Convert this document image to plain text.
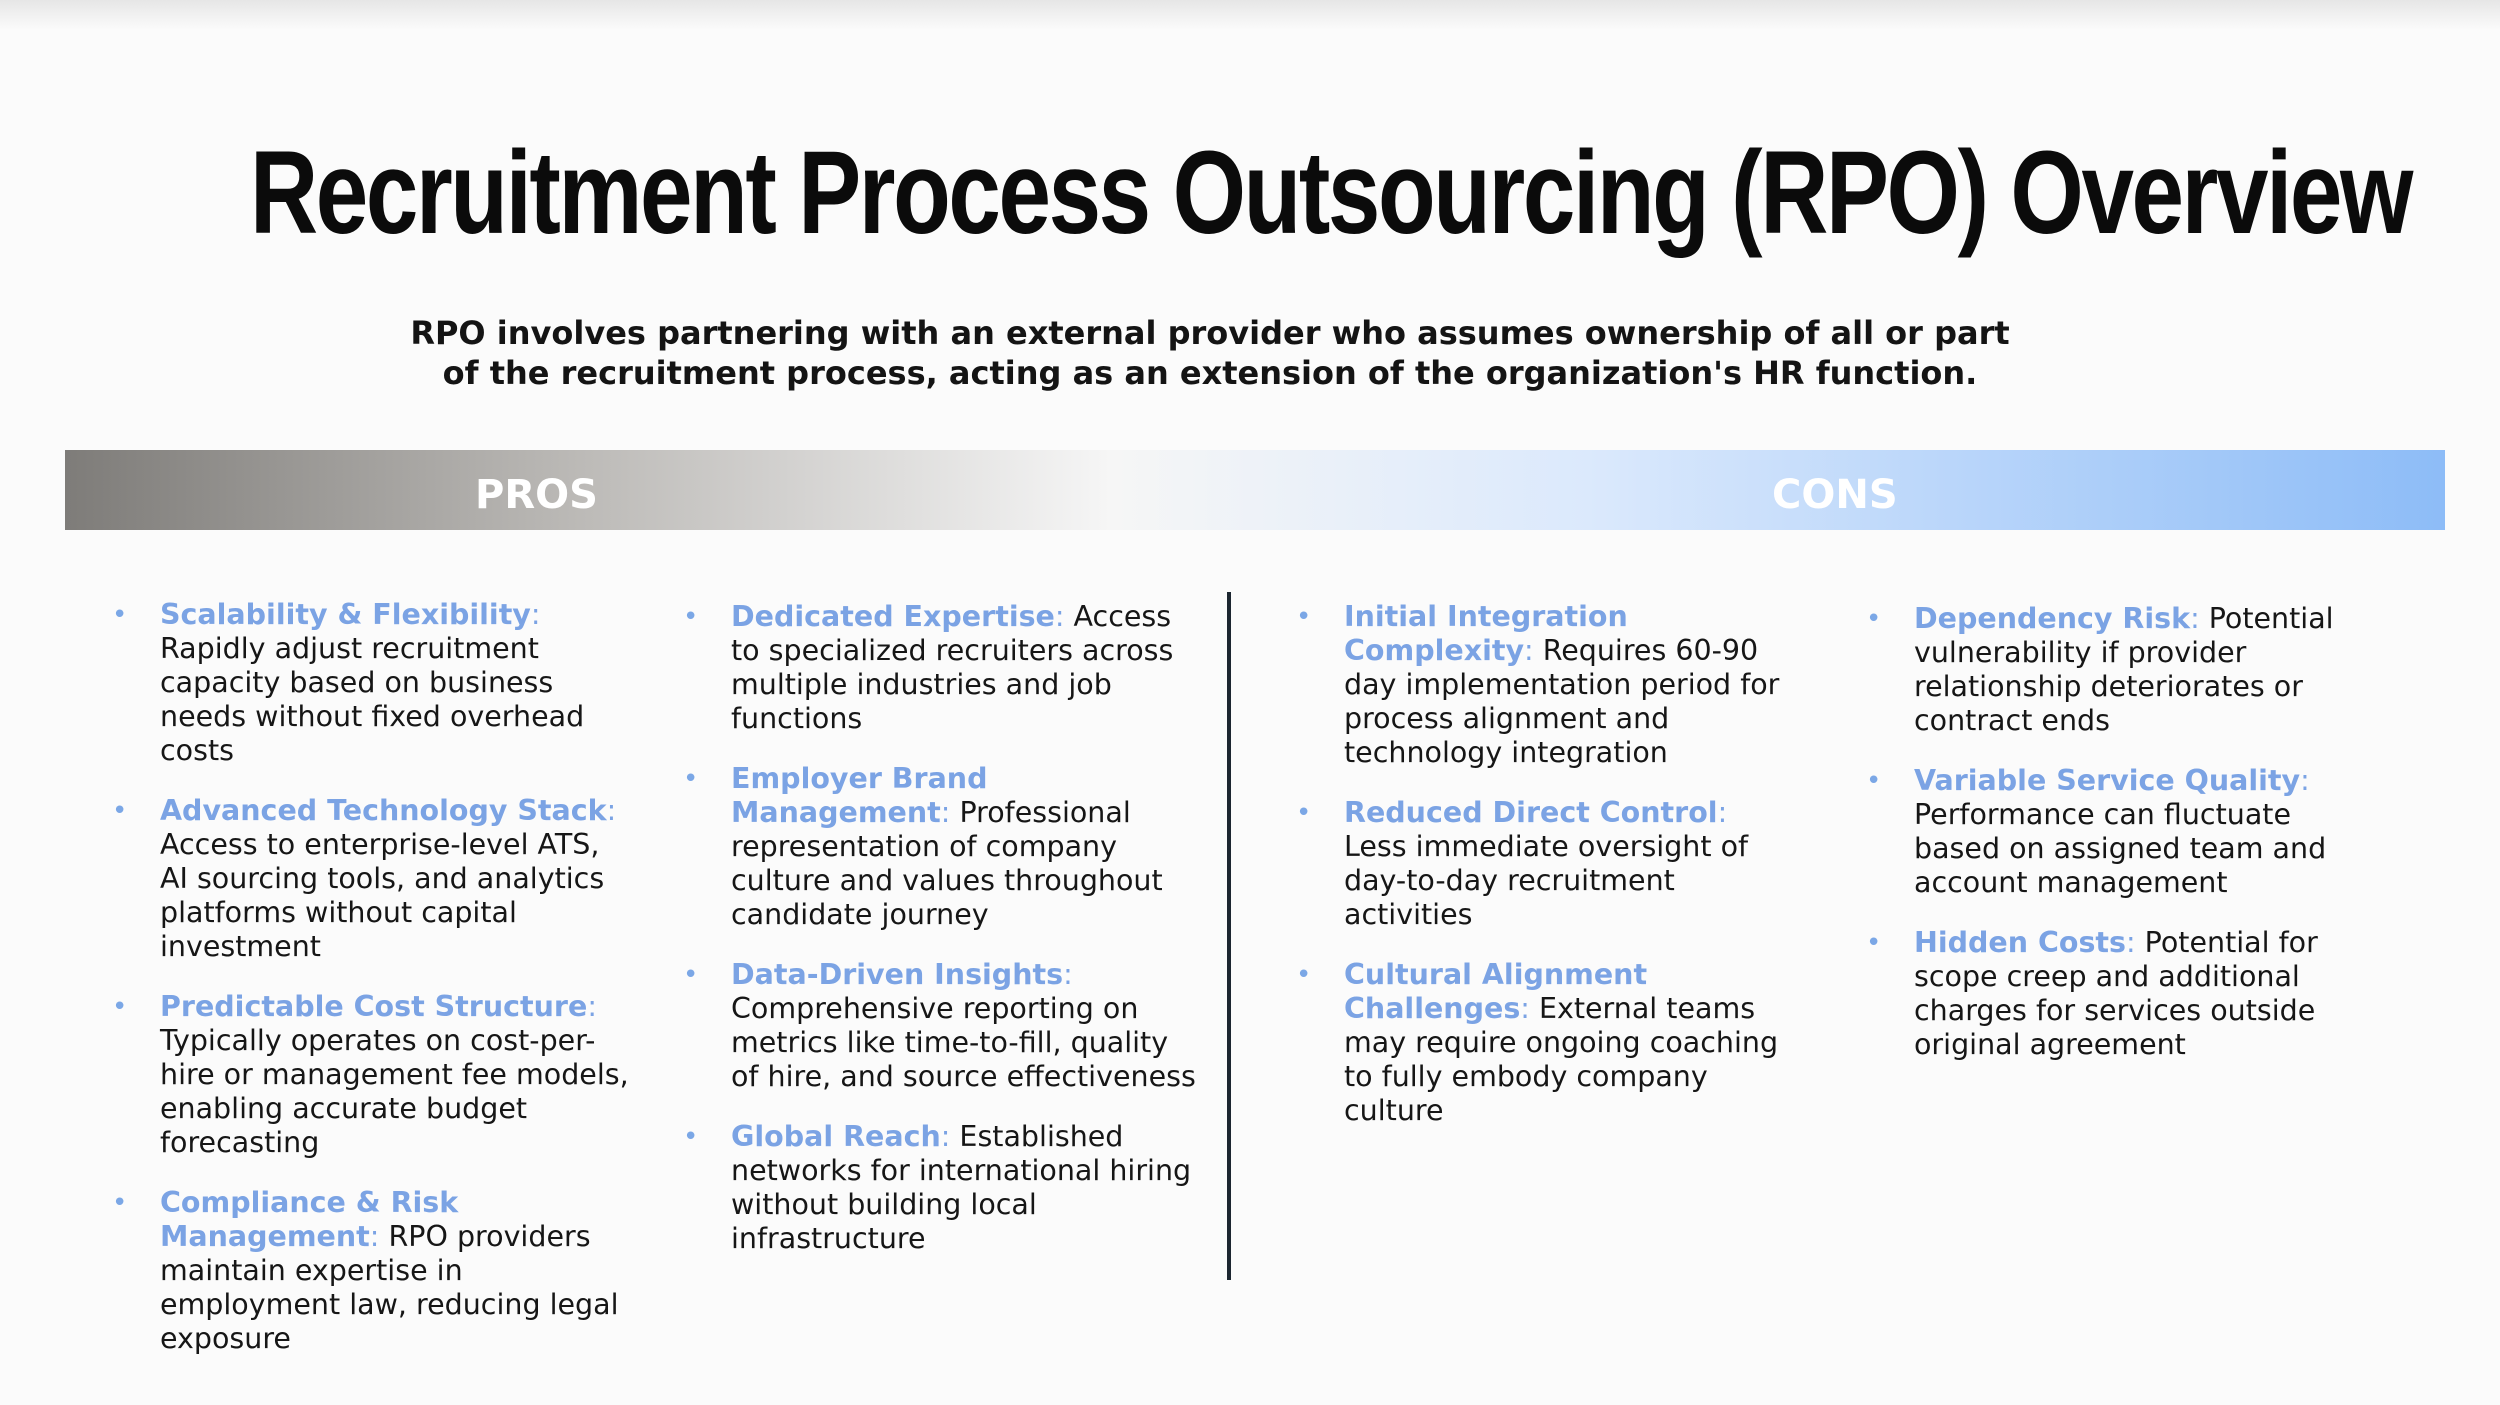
Recruitment Process Outsourcing (RPO) Overview

RPO involves partnering with an external provider who assumes ownership of all or part of the recruitment process, acting as an extension of the organization's HR function.

PROS	CONS
• Scalability & Flexibility: Rapidly adjust recruitment capacity based on business needs without fixed overhead costs
• Advanced Technology Stack: Access to enterprise-level ATS, AI sourcing tools, and analytics platforms without capital investment
• Predictable Cost Structure: Typically operates on cost-per-hire or management fee models, enabling accurate budget forecasting
• Compliance & Risk Management: RPO providers maintain expertise in employment law, reducing legal exposure
• Dedicated Expertise: Access to specialized recruiters across multiple industries and job functions
• Employer Brand Management: Professional representation of company culture and values throughout candidate journey
• Data-Driven Insights: Comprehensive reporting on metrics like time-to-fill, quality of hire, and source effectiveness
• Global Reach: Established networks for international hiring without building local infrastructure
• Initial Integration Complexity: Requires 60-90 day implementation period for process alignment and technology integration
• Reduced Direct Control: Less immediate oversight of day-to-day recruitment activities
• Cultural Alignment Challenges: External teams may require ongoing coaching to fully embody company culture
• Dependency Risk: Potential vulnerability if provider relationship deteriorates or contract ends
• Variable Service Quality: Performance can fluctuate based on assigned team and account management
• Hidden Costs: Potential for scope creep and additional charges for services outside original agreement
